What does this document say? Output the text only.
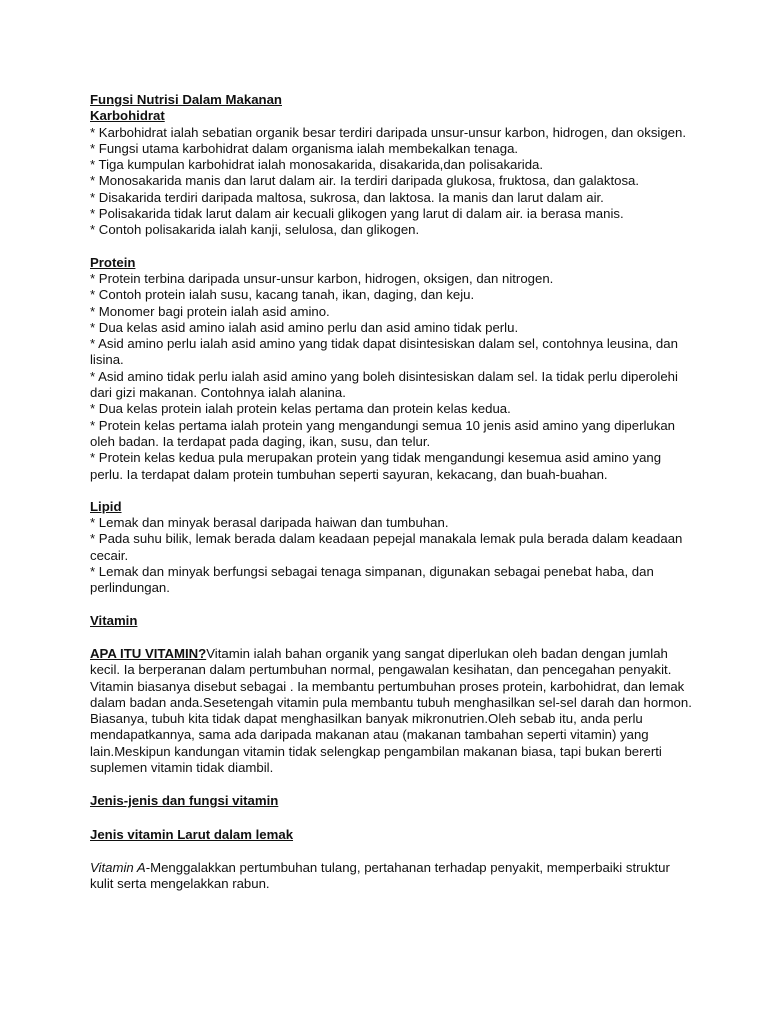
Fungsi Nutrisi Dalam Makanan
Karbohidrat
* Karbohidrat ialah sebatian organik besar terdiri daripada unsur-unsur karbon, hidrogen, dan oksigen.
* Fungsi utama karbohidrat dalam organisma ialah membekalkan tenaga.
* Tiga kumpulan karbohidrat ialah monosakarida, disakarida,dan polisakarida.
* Monosakarida manis dan larut dalam air. Ia terdiri daripada glukosa, fruktosa, dan galaktosa.
* Disakarida terdiri daripada maltosa, sukrosa, dan laktosa. Ia manis dan larut dalam air.
* Polisakarida tidak larut dalam air kecuali glikogen yang larut di dalam air. ia berasa manis.
* Contoh polisakarida ialah kanji, selulosa, dan glikogen.
Protein
* Protein terbina daripada unsur-unsur karbon, hidrogen, oksigen, dan nitrogen.
* Contoh protein ialah susu, kacang tanah, ikan, daging, dan keju.
* Monomer bagi protein ialah asid amino.
* Dua kelas asid amino ialah asid amino perlu dan asid amino tidak perlu.
* Asid amino perlu ialah asid amino yang tidak dapat disintesiskan dalam sel, contohnya leusina, dan lisina.
* Asid amino tidak perlu ialah asid amino yang boleh disintesiskan dalam sel. Ia tidak perlu diperolehi dari gizi makanan. Contohnya ialah alanina.
* Dua kelas protein ialah protein kelas pertama dan protein kelas kedua.
* Protein kelas pertama ialah protein yang mengandungi semua 10 jenis asid amino yang diperlukan oleh badan. Ia terdapat pada daging, ikan, susu, dan telur.
* Protein kelas kedua pula merupakan protein yang tidak mengandungi kesemua asid amino yang perlu. Ia terdapat dalam protein tumbuhan seperti sayuran, kekacang, dan buah-buahan.
Lipid
* Lemak dan minyak berasal daripada haiwan dan tumbuhan.
* Pada suhu bilik, lemak berada dalam keadaan pepejal manakala lemak pula berada dalam keadaan cecair.
* Lemak dan minyak berfungsi sebagai tenaga simpanan, digunakan sebagai penebat haba, dan perlindungan.
Vitamin
APA ITU VITAMIN?Vitamin ialah bahan organik yang sangat diperlukan oleh badan dengan jumlah kecil. Ia berperanan dalam pertumbuhan normal, pengawalan kesihatan, dan pencegahan penyakit. Vitamin biasanya disebut sebagai . Ia membantu pertumbuhan proses protein, karbohidrat, dan lemak dalam badan anda.Sesetengah vitamin pula membantu tubuh menghasilkan sel-sel darah dan hormon. Biasanya, tubuh kita tidak dapat menghasilkan banyak mikronutrien.Oleh sebab itu, anda perlu mendapatkannya, sama ada daripada makanan atau (makanan tambahan seperti vitamin) yang lain.Meskipun kandungan vitamin tidak selengkap pengambilan makanan biasa, tapi bukan bererti suplemen vitamin tidak diambil.
Jenis-jenis dan fungsi vitamin
Jenis vitamin Larut dalam lemak
Vitamin A-Menggalakkan pertumbuhan tulang, pertahanan terhadap penyakit, memperbaiki struktur kulit serta mengelakkan rabun.
